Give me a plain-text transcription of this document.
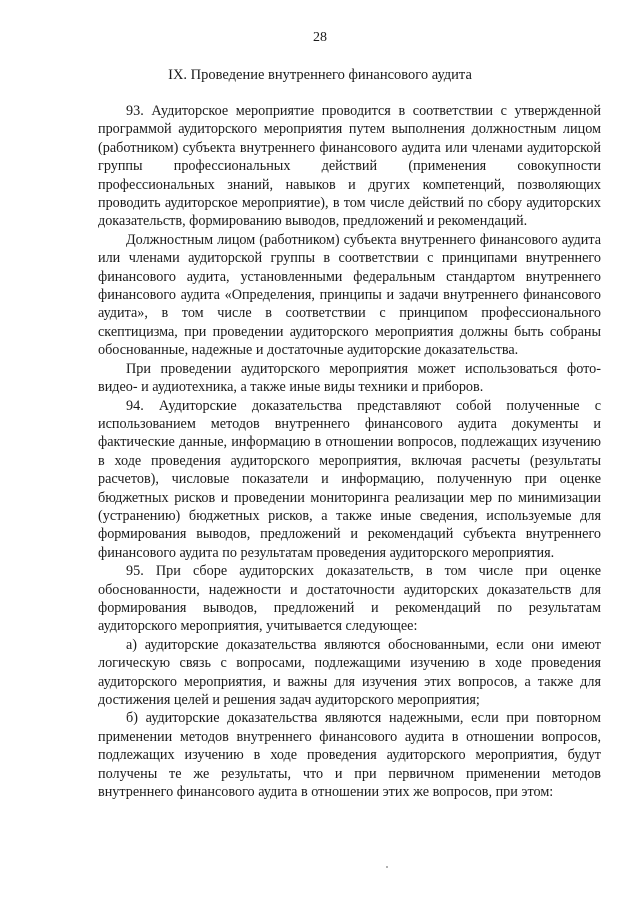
28
IX. Проведение внутреннего финансового аудита

93. Аудиторское мероприятие проводится в соответствии с утвержденной программой аудиторского мероприятия путем выполнения должностным лицом (работником) субъекта внутреннего финансового аудита или членами аудиторской группы профессиональных действий (применения совокупности профессиональных знаний, навыков и других компетенций, позволяющих проводить аудиторское мероприятие), в том числе действий по сбору аудиторских доказательств, формированию выводов, предложений и рекомендаций.

Должностным лицом (работником) субъекта внутреннего финансового аудита или членами аудиторской группы в соответствии с принципами внутреннего финансового аудита, установленными федеральным стандартом внутреннего финансового аудита «Определения, принципы и задачи внутреннего финансового аудита», в том числе в соответствии с принципом профессионального скептицизма, при проведении аудиторского мероприятия должны быть собраны обоснованные, надежные и достаточные аудиторские доказательства.

При проведении аудиторского мероприятия может использоваться фото-видео- и аудиотехника, а также иные виды техники и приборов.

94. Аудиторские доказательства представляют собой полученные с использованием методов внутреннего финансового аудита документы и фактические данные, информацию в отношении вопросов, подлежащих изучению в ходе проведения аудиторского мероприятия, включая расчеты (результаты расчетов), числовые показатели и информацию, полученную при оценке бюджетных рисков и проведении мониторинга реализации мер по минимизации (устранению) бюджетных рисков, а также иные сведения, используемые для формирования выводов, предложений и рекомендаций субъекта внутреннего финансового аудита по результатам проведения аудиторского мероприятия.

95. При сборе аудиторских доказательств, в том числе при оценке обоснованности, надежности и достаточности аудиторских доказательств для формирования выводов, предложений и рекомендаций по результатам аудиторского мероприятия, учитывается следующее:

а) аудиторские доказательства являются обоснованными, если они имеют логическую связь с вопросами, подлежащими изучению в ходе проведения аудиторского мероприятия, и важны для изучения этих вопросов, а также для достижения целей и решения задач аудиторского мероприятия;

б) аудиторские доказательства являются надежными, если при повторном применении методов внутреннего финансового аудита в отношении вопросов, подлежащих изучению в ходе проведения аудиторского мероприятия, будут получены те же результаты, что и при первичном применении методов внутреннего финансового аудита в отношении этих же вопросов, при этом:
